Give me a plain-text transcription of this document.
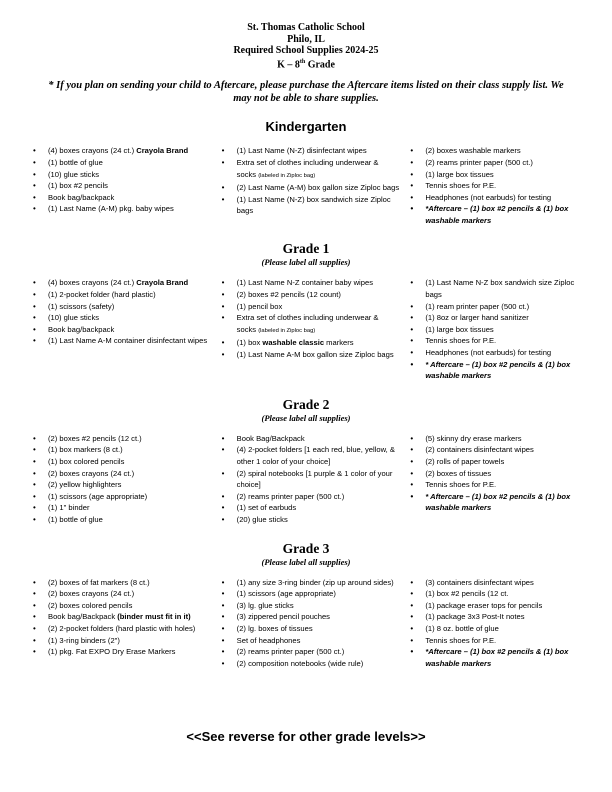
St. Thomas Catholic School
Philo, IL
Required School Supplies 2024-25
K – 8th Grade
* If you plan on sending your child to Aftercare, please purchase the Aftercare items listed on their class supply list. We may not be able to share supplies.
Kindergarten
• (4) boxes crayons (24 ct.) Crayola Brand
• (1) bottle of glue
• (10) glue sticks
• (1) box #2 pencils
• Book bag/backpack
• (1) Last Name (A-M) pkg. baby wipes
• (1) Last Name (N-Z) disinfectant wipes
• Extra set of clothes including underwear & socks (labeled in Ziploc bag)
• (2) Last Name (A-M) box gallon size Ziploc bags
• (1) Last Name (N-Z) box sandwich size Ziploc bags
• (2) boxes washable markers
• (2) reams printer paper (500 ct.)
• (1) large box tissues
• Tennis shoes for P.E.
• Headphones (not earbuds) for testing
• *Aftercare – (1) box #2 pencils & (1) box washable markers
Grade 1
(Please label all supplies)
• (4) boxes crayons (24 ct.) Crayola Brand
• (1) 2-pocket folder (hard plastic)
• (1) scissors (safety)
• (10) glue sticks
• Book bag/backpack
• (1) Last Name A-M container disinfectant wipes
• (1) Last Name N-Z container baby wipes
• (2) boxes #2 pencils (12 count)
• (1) pencil box
• Extra set of clothes including underwear & socks (labeled in Ziploc bag)
• (1) box washable classic markers
• (1) Last Name A-M box gallon size Ziploc bags
• (1) Last Name N-Z box sandwich size Ziploc bags
• (1) ream printer paper (500 ct.)
• (1) 8oz or larger hand sanitizer
• (1) large box tissues
• Tennis shoes for P.E.
• Headphones (not earbuds) for testing
• * Aftercare – (1) box #2 pencils & (1) box washable markers
Grade 2
(Please label all supplies)
• (2) boxes #2 pencils (12 ct.)
• (1) box markers (8 ct.)
• (1) box colored pencils
• (2) boxes crayons (24 ct.)
• (2) yellow highlighters
• (1) scissors (age appropriate)
• (1) 1" binder
• (1) bottle of glue
• Book Bag/Backpack
• (4) 2-pocket folders [1 each red, blue, yellow, & other 1 color of your choice]
• (2) spiral notebooks [1 purple & 1 color of your choice]
• (2) reams printer paper (500 ct.)
• (1) set of earbuds
• (20) glue sticks
• (5) skinny dry erase markers
• (2) containers disinfectant wipes
• (2) rolls of paper towels
• (2) boxes of tissues
• Tennis shoes for P.E.
• * Aftercare – (1) box #2 pencils & (1) box washable markers
Grade 3
(Please label all supplies)
• (2) boxes of fat markers (8 ct.)
• (2) boxes crayons (24 ct.)
• (2) boxes colored pencils
• Book bag/Backpack (binder must fit in it)
• (2) 2-pocket folders (hard plastic with holes)
• (1) 3-ring binders (2")
• (1) pkg. Fat EXPO Dry Erase Markers
• (1) any size 3-ring binder (zip up around sides)
• (1) scissors (age appropriate)
• (3) lg. glue sticks
• (3) zippered pencil pouches
• (2) lg. boxes of tissues
• Set of headphones
• (2) reams printer paper (500 ct.)
• (2) composition notebooks (wide rule)
• (3) containers disinfectant wipes
• (1) box #2 pencils (12 ct.
• (1) package eraser tops for pencils
• (1) package 3x3 Post-It notes
• (1) 8 oz. bottle of glue
• Tennis shoes for P.E.
• *Aftercare – (1) box #2 pencils & (1) box washable markers
<<See reverse for other grade levels>>
